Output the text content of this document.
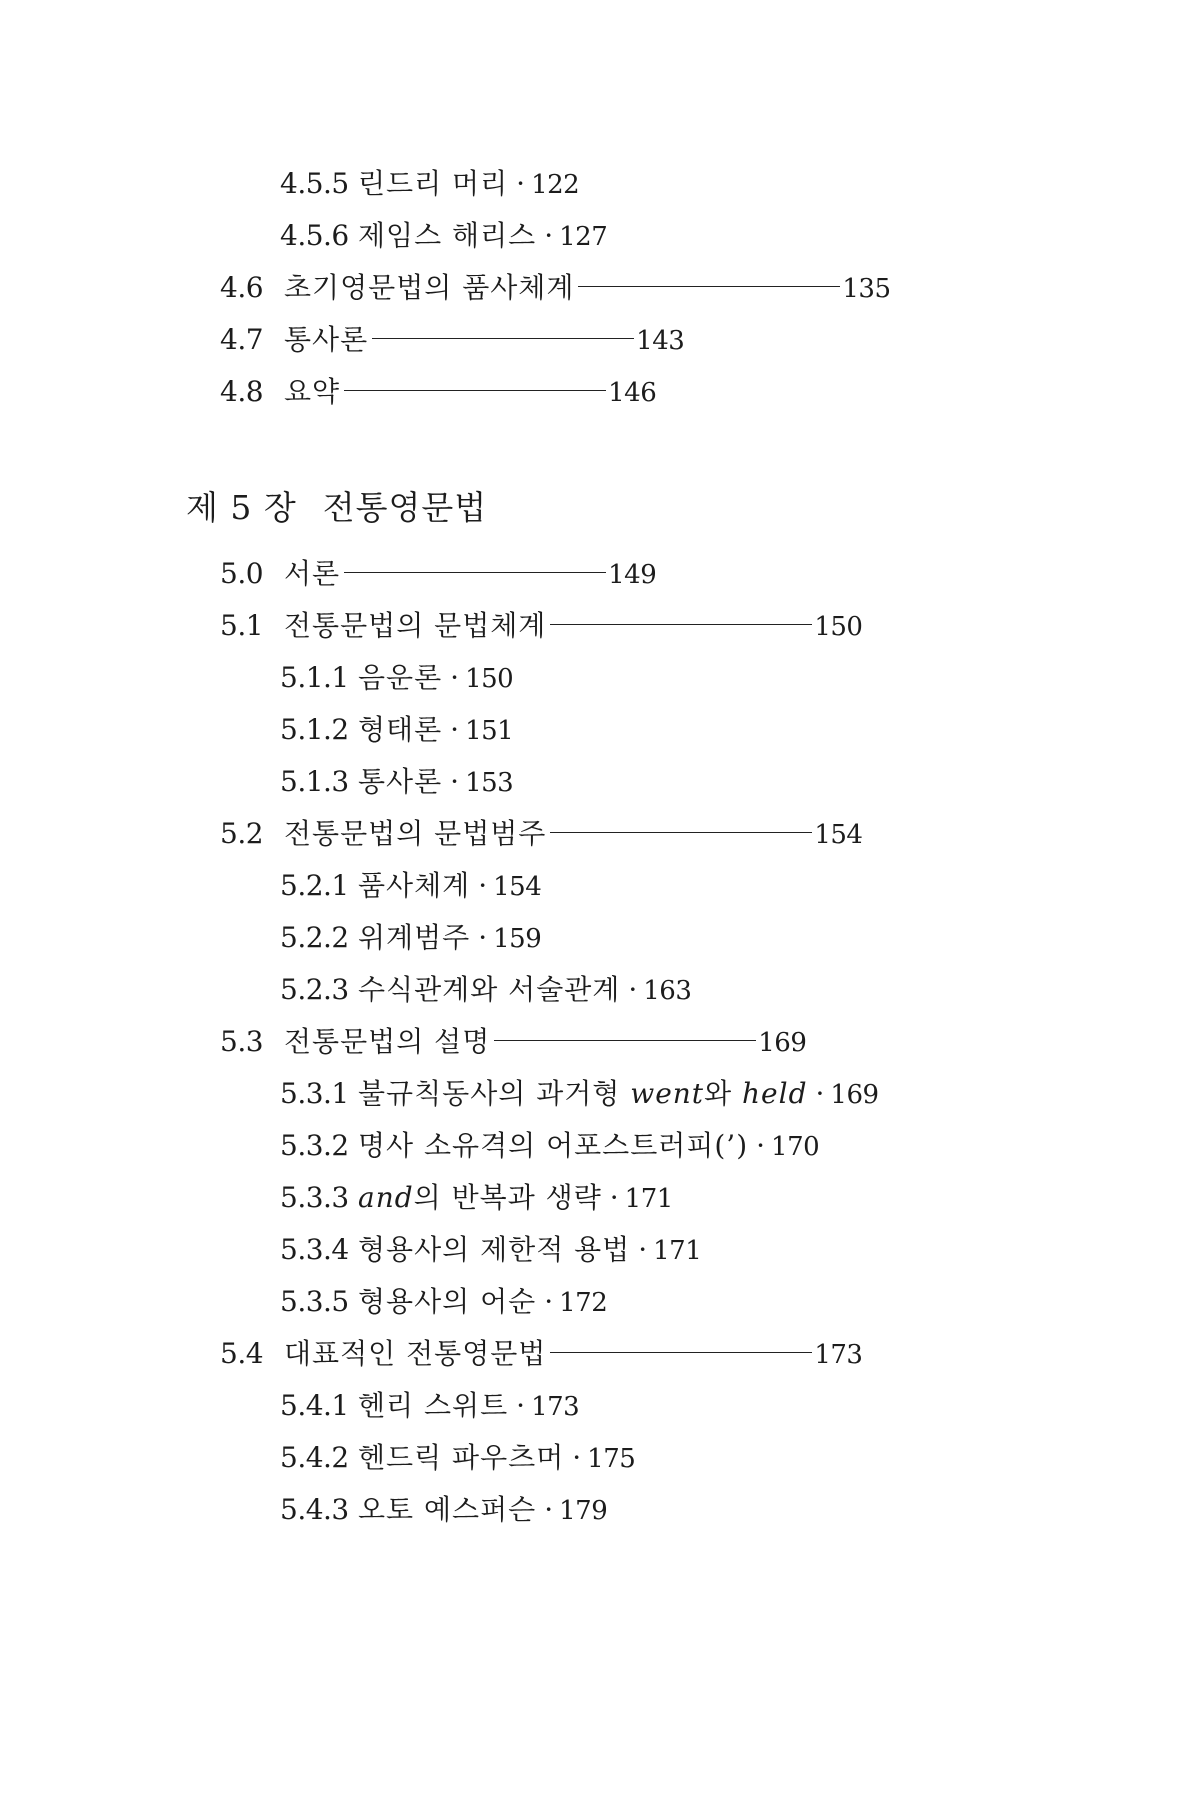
4.5.5 린드리 머리 · 122
4.5.6 제임스 해리스 · 127
4.6 초기영문법의 품사체계	135
4.7 통사론	143
4.8 요약	146
제 5 장 전통영문법
5.0 서론	149
5.1 전통문법의 문법체계	150
5.1.1 음운론 · 150
5.1.2 형태론 · 151
5.1.3 통사론 · 153
5.2 전통문법의 문법범주	154
5.2.1 품사체계 · 154
5.2.2 위계범주 · 159
5.2.3 수식관계와 서술관계 · 163
5.3 전통문법의 설명	169
5.3.1 불규칙동사의 과거형 went와 held · 169
5.3.2 명사 소유격의 어포스트러피(’) · 170
5.3.3 and의 반복과 생략 · 171
5.3.4 형용사의 제한적 용법 · 171
5.3.5 형용사의 어순 · 172
5.4 대표적인 전통영문법	173
5.4.1 헨리 스위트 · 173
5.4.2 헨드릭 파우츠머 · 175
5.4.3 오토 예스퍼슨 · 179
